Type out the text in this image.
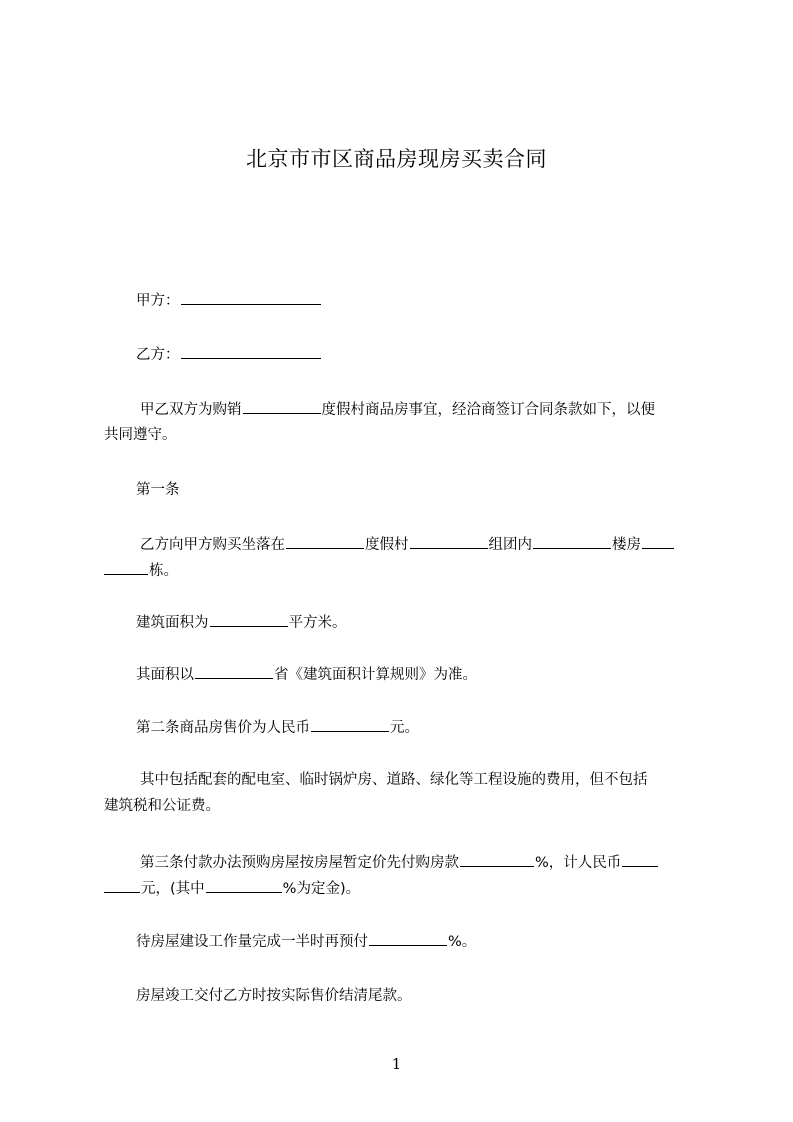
北京市市区商品房现房买卖合同
甲方：
乙方：
甲乙双方为购销	度假村商品房事宜，经洽商签订合同条款如下，以便
共同遵守。
第一条
乙方向甲方购买坐落在	度假村	组团内	楼房
栋。
建筑面积为	平方米。
其面积以	省《建筑面积计算规则》为准。
第二条商品房售价为人民币	元。
其中包括配套的配电室、临时锅炉房、道路、绿化等工程设施的费用，但不包括
建筑税和公证费。
第三条付款办法预购房屋按房屋暂定价先付购房款	%，计人民币
元，(其中	%为定金)。
待房屋建设工作量完成一半时再预付	%。
房屋竣工交付乙方时按实际售价结清尾款。
1
